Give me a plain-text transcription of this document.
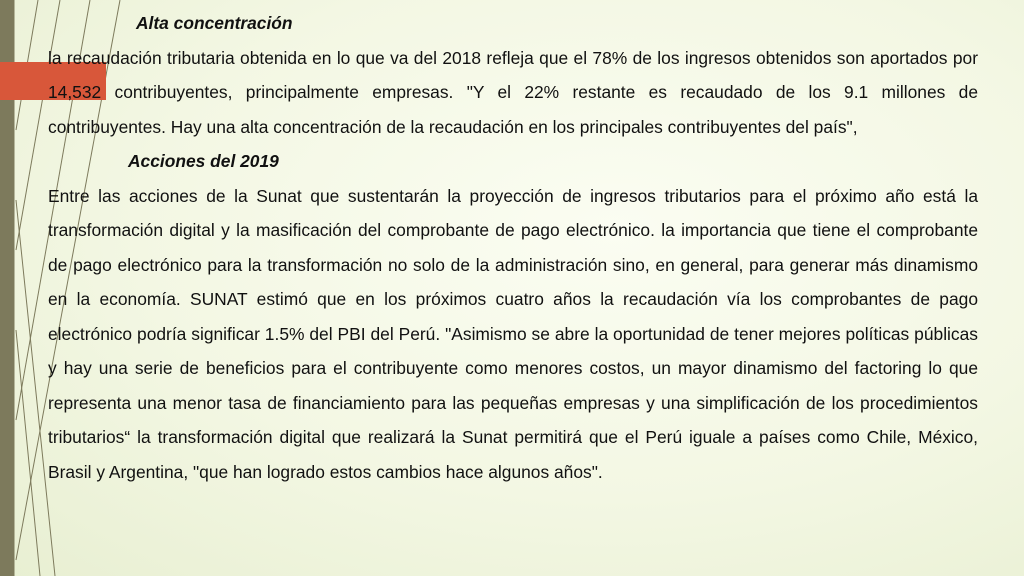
Alta concentración

la recaudación tributaria obtenida en lo que va del 2018 refleja que el 78% de los ingresos obtenidos son aportados por 14,532 contribuyentes, principalmente empresas. "Y el 22% restante es recaudado de los 9.1 millones de contribuyentes. Hay una alta concentración de la recaudación en los principales contribuyentes del país",

Acciones del 2019

Entre las acciones de la Sunat que sustentarán la proyección de ingresos tributarios para el próximo año está la transformación digital y la masificación del comprobante de pago electrónico. la importancia que tiene el comprobante de pago electrónico para la transformación no solo de la administración sino, en general, para generar más dinamismo en la economía. SUNAT estimó que en los próximos cuatro años la recaudación vía los comprobantes de pago electrónico podría significar 1.5% del PBI del Perú. "Asimismo se abre la oportunidad de tener mejores políticas públicas y hay una serie de beneficios para el contribuyente como menores costos, un mayor dinamismo del factoring lo que representa una menor tasa de financiamiento para las pequeñas empresas y una simplificación de los procedimientos tributarios“ la transformación digital que realizará la Sunat permitirá que el Perú iguale a países como Chile, México, Brasil y Argentina, "que han logrado estos cambios hace algunos años".
